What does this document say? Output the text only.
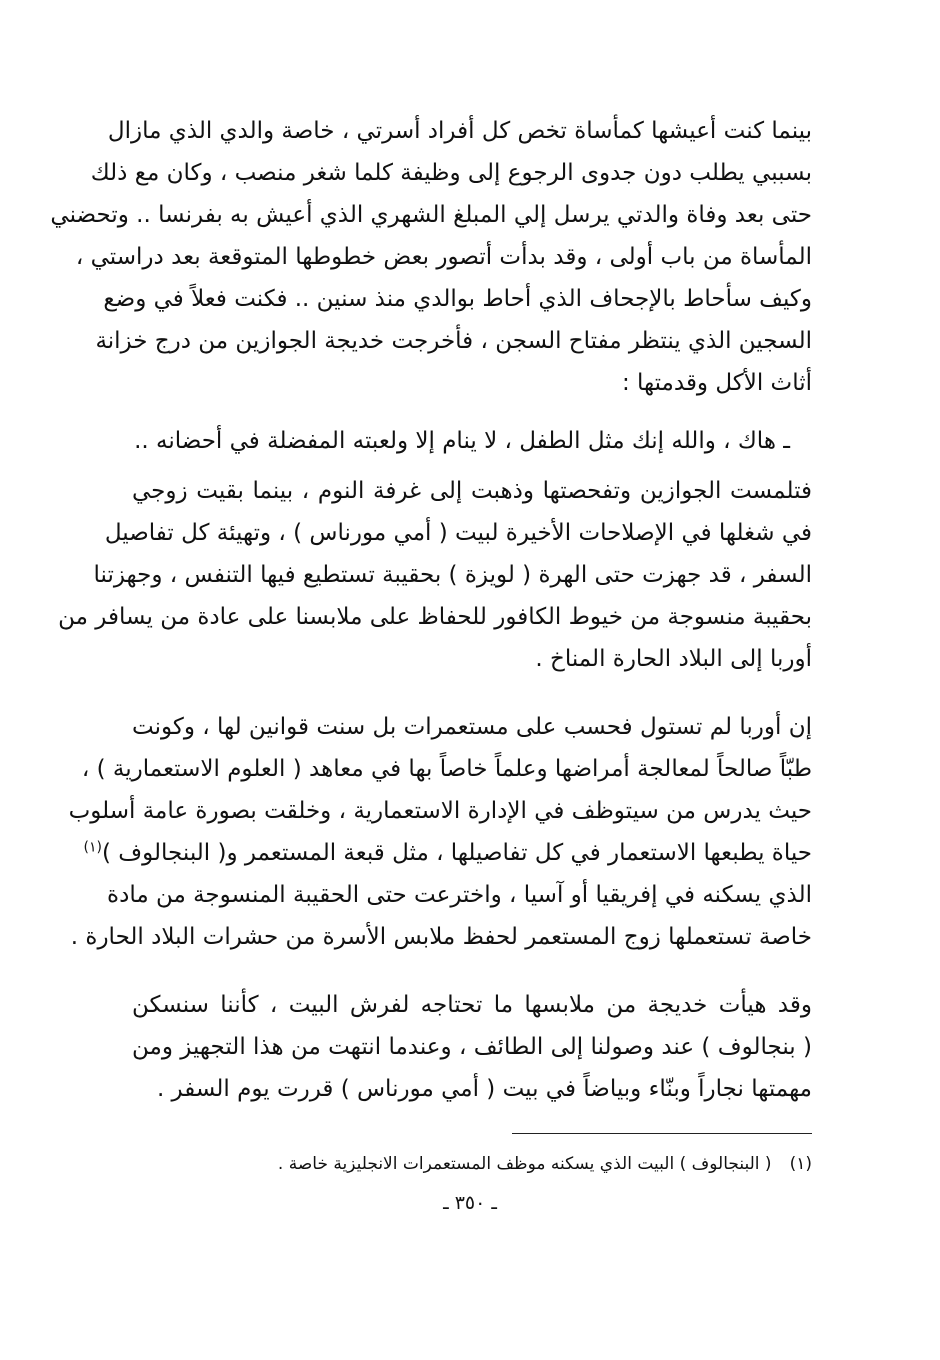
بينما كنت أعيشها كمأساة تخص كل أفراد أسرتي ، خاصة والدي الذي مازال
بسببي يطلب دون جدوى الرجوع إلى وظيفة كلما شغر منصب ، وكان مع ذلك
حتى بعد وفاة والدتي يرسل إلي المبلغ الشهري الذي أعيش به بفرنسا .. وتحضني
المأساة من باب أولى ، وقد بدأت أتصور بعض خطوطها المتوقعة بعد دراستي ،
وكيف سأحاط بالإجحاف الذي أحاط بوالدي منذ سنين .. فكنت فعلاً في وضع
السجين الذي ينتظر مفتاح السجن ، فأخرجت خديجة الجوازين من درج خزانة
أثاث الأكل وقدمتها :
ـ هاك ، والله إنك مثل الطفل ، لا ينام إلا ولعبته المفضلة في أحضانه ..
فتلمست الجوازين وتفحصتها وذهبت إلى غرفة النوم ، بينما بقيت زوجي
في شغلها في الإصلاحات الأخيرة لبيت ( أمي مورناس ) ، وتهيئة كل تفاصيل
السفر ، قد جهزت حتى الهرة ( لويزة ) بحقيبة تستطيع فيها التنفس ، وجهزتنا
بحقيبة منسوجة من خيوط الكافور للحفاظ على ملابسنا على عادة من يسافر من
أوربا إلى البلاد الحارة المناخ .
إن أوربا لم تستول فحسب على مستعمرات بل سنت قوانين لها ، وكونت
طبّاً صالحاً لمعالجة أمراضها وعلماً خاصاً بها في معاهد ( العلوم الاستعمارية ) ،
حيث يدرس من سيتوظف في الإدارة الاستعمارية ، وخلقت بصورة عامة أسلوب
حياة يطبعها الاستعمار في كل تفاصيلها ، مثل قبعة المستعمر و( البنجالوف )$^{(١)}$
الذي يسكنه في إفريقيا أو آسيا ، واخترعت حتى الحقيبة المنسوجة من مادة
خاصة تستعملها زوج المستعمر لحفظ ملابس الأسرة من حشرات البلاد الحارة .
وقد هيأت خديجة من ملابسها ما تحتاجه لفرش البيت ، كأننا سنسكن
( بنجالوف ) عند وصولنا إلى الطائف ، وعندما انتهت من هذا التجهيز ومن
مهمتها نجاراً وبنّاء وبياضاً في بيت ( أمي مورناس ) قررت يوم السفر .
(١)( البنجالوف ) البيت الذي يسكنه موظف المستعمرات الانجليزية خاصة .
ـ ٣٥٠ ـ
